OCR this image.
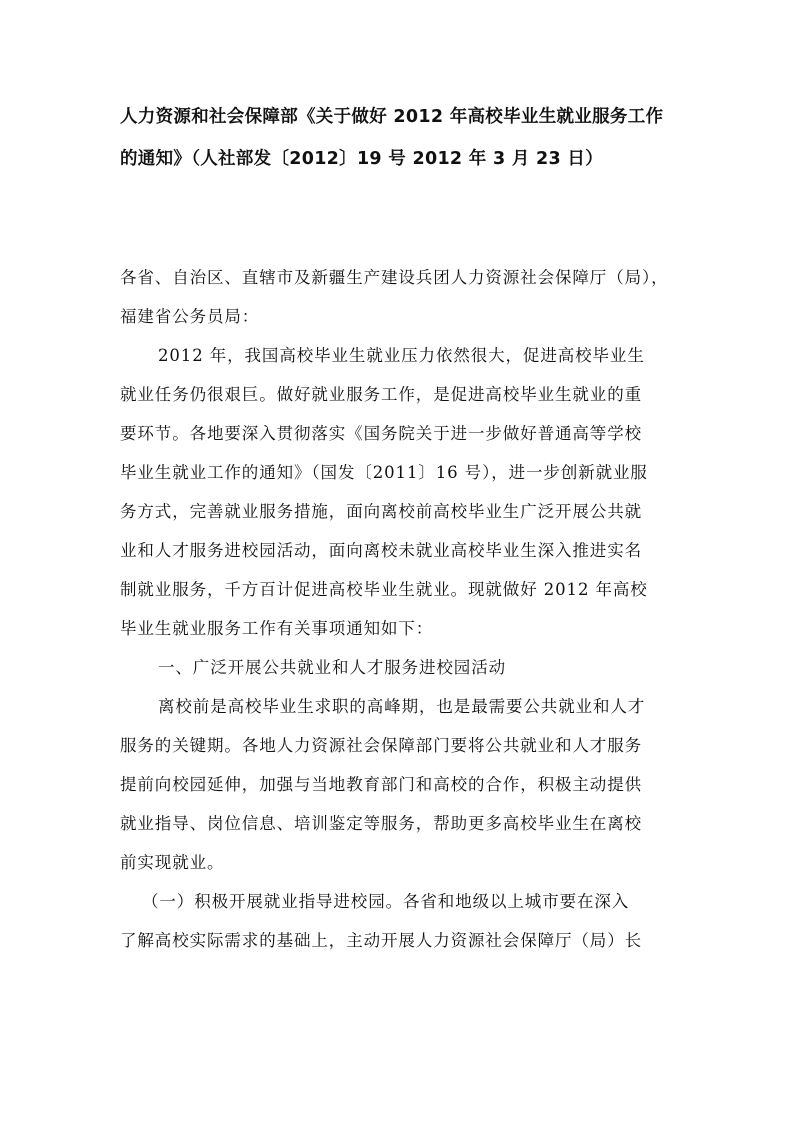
人力资源和社会保障部《关于做好 2012 年高校毕业生就业服务工作
的通知》（人社部发〔2012〕19 号 2012 年 3 月 23 日）
各省、自治区、直辖市及新疆生产建设兵团人力资源社会保障厅（局），
福建省公务员局：
2012 年，我国高校毕业生就业压力依然很大，促进高校毕业生
就业任务仍很艰巨。做好就业服务工作，是促进高校毕业生就业的重
要环节。各地要深入贯彻落实《国务院关于进一步做好普通高等学校
毕业生就业工作的通知》（国发〔2011〕16 号），进一步创新就业服
务方式，完善就业服务措施，面向离校前高校毕业生广泛开展公共就
业和人才服务进校园活动，面向离校未就业高校毕业生深入推进实名
制就业服务，千方百计促进高校毕业生就业。现就做好 2012 年高校
毕业生就业服务工作有关事项通知如下：
一、广泛开展公共就业和人才服务进校园活动
离校前是高校毕业生求职的高峰期，也是最需要公共就业和人才
服务的关键期。各地人力资源社会保障部门要将公共就业和人才服务
提前向校园延伸，加强与当地教育部门和高校的合作，积极主动提供
就业指导、岗位信息、培训鉴定等服务，帮助更多高校毕业生在离校
前实现就业。
（一）积极开展就业指导进校园。各省和地级以上城市要在深入
了解高校实际需求的基础上，主动开展人力资源社会保障厅（局）长
